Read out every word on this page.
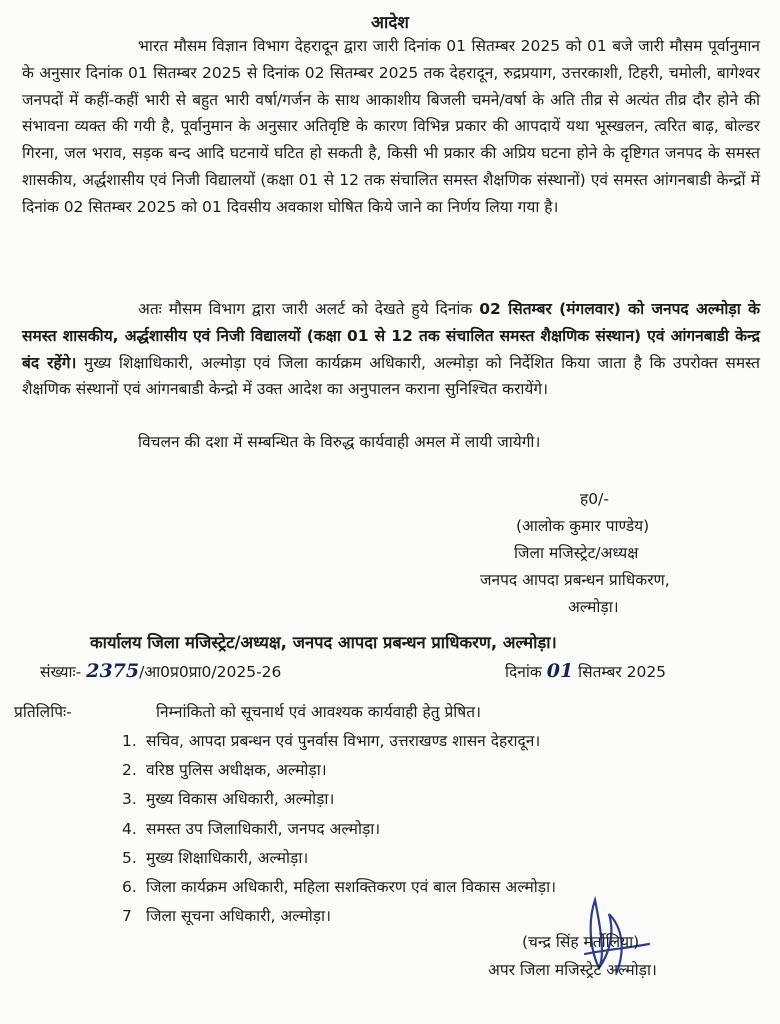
आदेश

भारत मौसम विज्ञान विभाग देहरादून द्वारा जारी दिनांक 01 सितम्बर 2025 को 01 बजे जारी मौसम पूर्वानुमान के अनुसार दिनांक 01 सितम्बर 2025 से दिनांक 02 सितम्बर 2025 तक देहरादून, रुद्रप्रयाग, उत्तरकाशी, टिहरी, चमोली, बागेश्वर जनपदों में कहीं-कहीं भारी से बहुत भारी वर्षा/गर्जन के साथ आकाशीय बिजली चमने/वर्षा के अति तीव्र से अत्यंत तीव्र दौर होने की संभावना व्यक्त की गयी है, पूर्वानुमान के अनुसार अतिवृष्टि के कारण विभिन्न प्रकार की आपदायें यथा भूस्खलन, त्वरित बाढ़, बोल्डर गिरना, जल भराव, सड़क बन्द आदि घटनायें घटित हो सकती है, किसी भी प्रकार की अप्रिय घटना होने के दृष्टिगत जनपद के समस्त शासकीय, अर्द्धशासीय एवं निजी विद्यालयों (कक्षा 01 से 12 तक संचालित समस्त शैक्षणिक संस्थानों) एवं समस्त आंगनबाडी केन्द्रों में दिनांक 02 सितम्बर 2025 को 01 दिवसीय अवकाश घोषित किये जाने का निर्णय लिया गया है।

अतः मौसम विभाग द्वारा जारी अलर्ट को देखते हुये दिनांक 02 सितम्बर (मंगलवार) को जनपद अल्मोड़ा के समस्त शासकीय, अर्द्धशासीय एवं निजी विद्यालयों (कक्षा 01 से 12 तक संचालित समस्त शैक्षणिक संस्थान) एवं आंगनबाडी केन्द्र बंद रहेंगे। मुख्य शिक्षाधिकारी, अल्मोड़ा एवं जिला कार्यक्रम अधिकारी, अल्मोड़ा को निर्देशित किया जाता है कि उपरोक्त समस्त शैक्षणिक संस्थानों एवं आंगनबाडी केन्द्रो में उक्त आदेश का अनुपालन कराना सुनिश्चित करायेंगे।

विचलन की दशा में सम्बन्धित के विरुद्ध कार्यवाही अमल में लायी जायेगी।

ह0/-
(आलोक कुमार पाण्डेय)
जिला मजिस्ट्रेट/अध्यक्ष
जनपद आपदा प्रबन्धन प्राधिकरण,
अल्मोड़ा।
कार्यालय जिला मजिस्ट्रेट/अध्यक्ष, जनपद आपदा प्रबन्धन प्राधिकरण, अल्मोड़ा।
संख्याः- 2375/आ0प्र0प्रा0/2025-26	दिनांक 01 सितम्बर 2025
प्रतिलिपिः-	निम्नांकितो को सूचनार्थ एवं आवश्यक कार्यवाही हेतु प्रेषित।
1. सचिव, आपदा प्रबन्धन एवं पुनर्वास विभाग, उत्तराखण्ड शासन देहरादून।
2. वरिष्ठ पुलिस अधीक्षक, अल्मोड़ा।
3. मुख्य विकास अधिकारी, अल्मोड़ा।
4. समस्त उप जिलाधिकारी, जनपद अल्मोड़ा।
5. मुख्य शिक्षाधिकारी, अल्मोड़ा।
6. जिला कार्यक्रम अधिकारी, महिला सशक्तिकरण एवं बाल विकास अल्मोड़ा।
7 जिला सूचना अधिकारी, अल्मोड़ा।
(चन्द्र सिंह मर्तोलिया)
अपर जिला मजिस्ट्रेट अल्मोड़ा।
